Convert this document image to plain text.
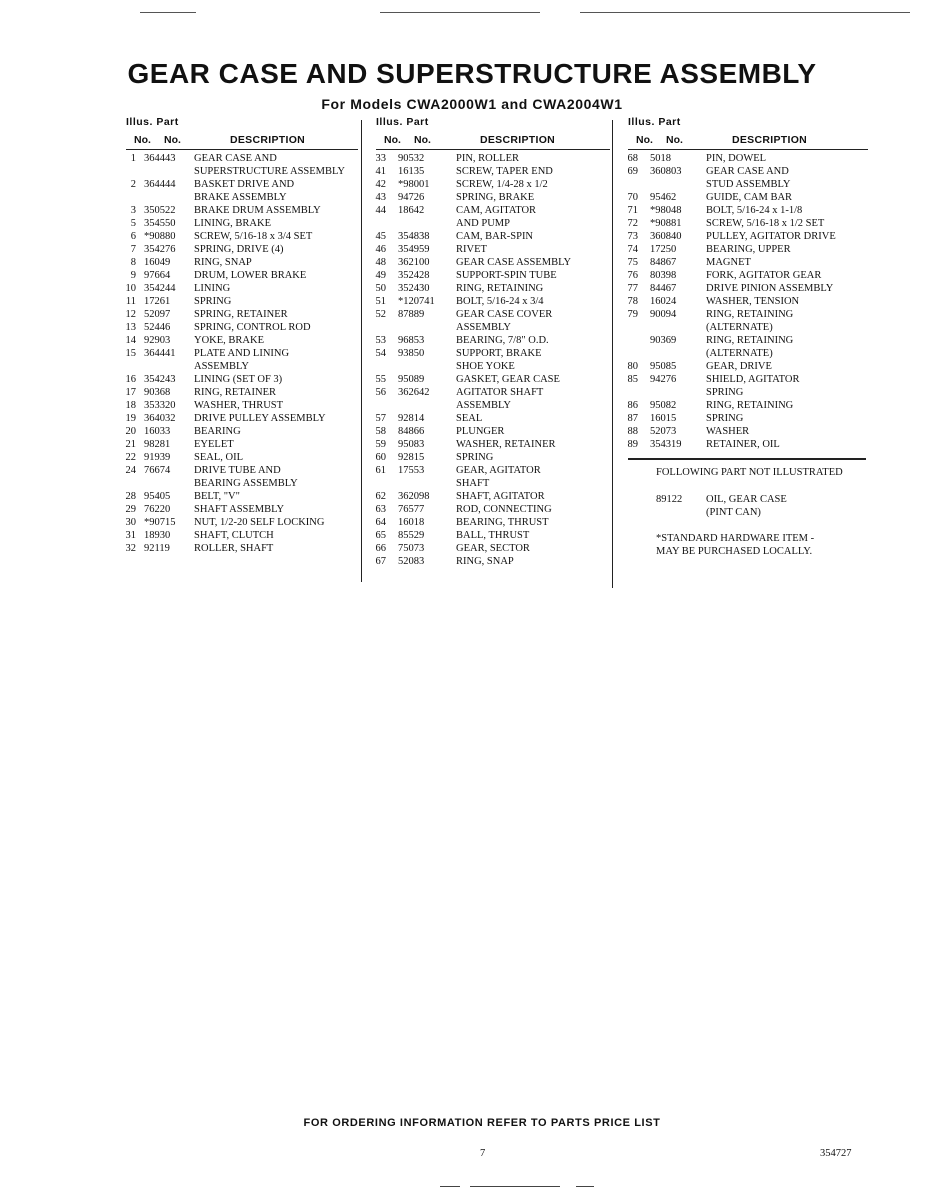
GEAR CASE AND SUPERSTRUCTURE ASSEMBLY
For Models CWA2000W1 and CWA2004W1
Illus. Part
No. No.	DESCRIPTION
1 364443 GEAR CASE AND
SUPERSTRUCTURE ASSEMBLY
2 364444 BASKET DRIVE AND
BRAKE ASSEMBLY
3 350522 BRAKE DRUM ASSEMBLY
5 354550 LINING, BRAKE
6 *90880 SCREW, 5/16-18 x 3/4 SET
7 354276 SPRING, DRIVE (4)
8 16049 RING, SNAP
9 97664 DRUM, LOWER BRAKE
10 354244 LINING
11 17261 SPRING
12 52097 SPRING, RETAINER
13 52446 SPRING, CONTROL ROD
14 92903 YOKE, BRAKE
15 364441 PLATE AND LINING
ASSEMBLY
16 354243 LINING (SET OF 3)
17 90368 RING, RETAINER
18 353320 WASHER, THRUST
19 364032 DRIVE PULLEY ASSEMBLY
20 16033 BEARING
21 98281 EYELET
22 91939 SEAL, OIL
24 76674 DRIVE TUBE AND
BEARING ASSEMBLY
28 95405 BELT, "V"
29 76220 SHAFT ASSEMBLY
30 *90715 NUT, 1/2-20 SELF LOCKING
31 18930 SHAFT, CLUTCH
32 92119 ROLLER, SHAFT
Illus. Part
No. No.	DESCRIPTION
33 90532	PIN, ROLLER
41 16135	SCREW, TAPER END
42 *98001	SCREW, 1/4-28 x 1/2
43 94726	SPRING, BRAKE
44 18642	CAM, AGITATOR
AND PUMP
45 354838	CAM, BAR-SPIN
46 354959	RIVET
48 362100	GEAR CASE ASSEMBLY
49 352428	SUPPORT-SPIN TUBE
50 352430	RING, RETAINING
51 *120741 BOLT, 5/16-24 x 3/4
52 87889	GEAR CASE COVER
ASSEMBLY
53 96853	BEARING, 7/8" O.D.
54 93850	SUPPORT, BRAKE
SHOE YOKE
55 95089	GASKET, GEAR CASE
56 362642	AGITATOR SHAFT
ASSEMBLY
57 92814	SEAL
58 84866	PLUNGER
59 95083	WASHER, RETAINER
60 92815	SPRING
61 17553	GEAR, AGITATOR
SHAFT
62 362098	SHAFT, AGITATOR
63 76577	ROD, CONNECTING
64 16018	BEARING, THRUST
65 85529	BALL, THRUST
66 75073	GEAR, SECTOR
67 52083	RING, SNAP
Illus. Part
No. No.	DESCRIPTION
68 5018	PIN, DOWEL
69 360803 GEAR CASE AND
STUD ASSEMBLY
70 95462	GUIDE, CAM BAR
71 *98048 BOLT, 5/16-24 x 1-1/8
72 *90881 SCREW, 5/16-18 x 1/2 SET
73 360840 PULLEY, AGITATOR DRIVE
74 17250	BEARING, UPPER
75 84867	MAGNET
76 80398	FORK, AGITATOR GEAR
77 84467	DRIVE PINION ASSEMBLY
78 16024	WASHER, TENSION
79 90094	RING, RETAINING
(ALTERNATE)
90369	RING, RETAINING
(ALTERNATE)
80 95085	GEAR, DRIVE
85 94276	SHIELD, AGITATOR
SPRING
86 95082	RING, RETAINING
87 16015	SPRING
88 52073	WASHER
89 354319 RETAINER, OIL
FOLLOWING PART NOT ILLUSTRATED
89122 OIL, GEAR CASE
(PINT CAN)
*STANDARD HARDWARE ITEM -
MAY BE PURCHASED LOCALLY.
FOR ORDERING INFORMATION REFER TO PARTS PRICE LIST
7	354727
